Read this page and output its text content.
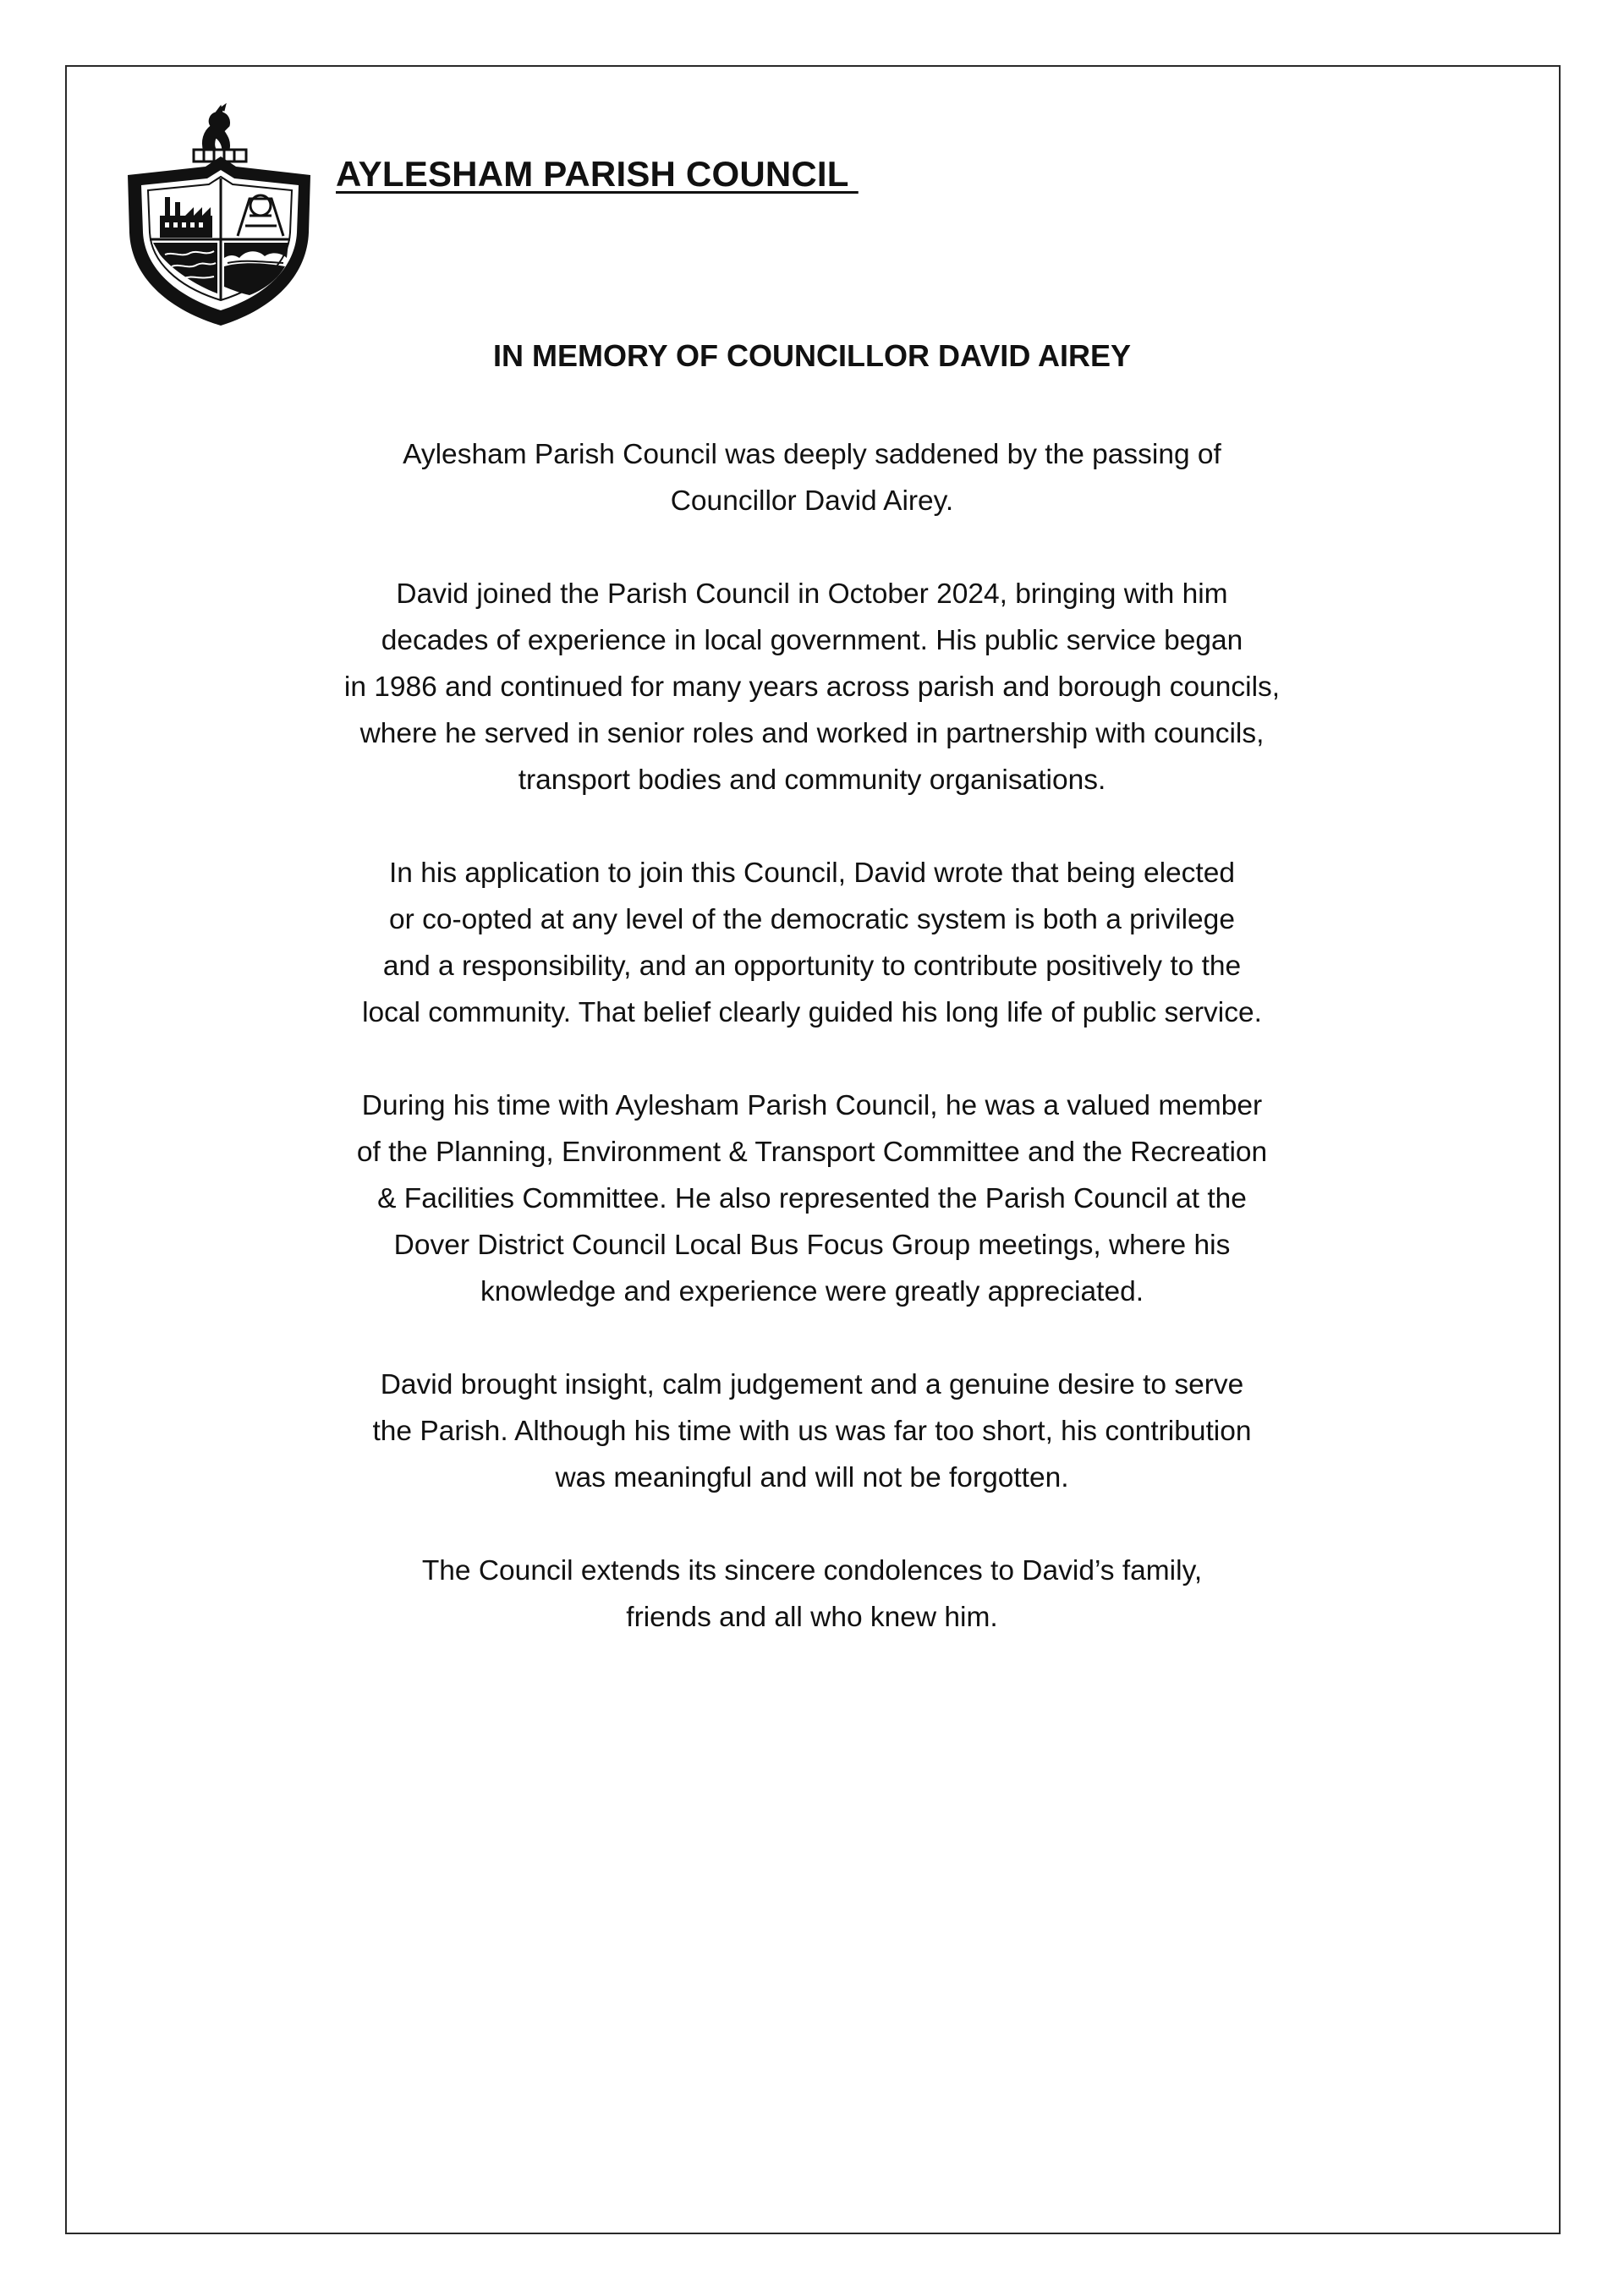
AYLESHAM PARISH COUNCIL
IN MEMORY OF COUNCILLOR DAVID AIREY

Aylesham Parish Council was deeply saddened by the passing of
Councillor David Airey.

David joined the Parish Council in October 2024, bringing with him
decades of experience in local government. His public service began
in 1986 and continued for many years across parish and borough councils,
where he served in senior roles and worked in partnership with councils,
transport bodies and community organisations.

In his application to join this Council, David wrote that being elected
or co-opted at any level of the democratic system is both a privilege
and a responsibility, and an opportunity to contribute positively to the
local community. That belief clearly guided his long life of public service.

During his time with Aylesham Parish Council, he was a valued member
of the Planning, Environment & Transport Committee and the Recreation
& Facilities Committee. He also represented the Parish Council at the
Dover District Council Local Bus Focus Group meetings, where his
knowledge and experience were greatly appreciated.

David brought insight, calm judgement and a genuine desire to serve
the Parish. Although his time with us was far too short, his contribution
was meaningful and will not be forgotten.

The Council extends its sincere condolences to David’s family,
friends and all who knew him.
